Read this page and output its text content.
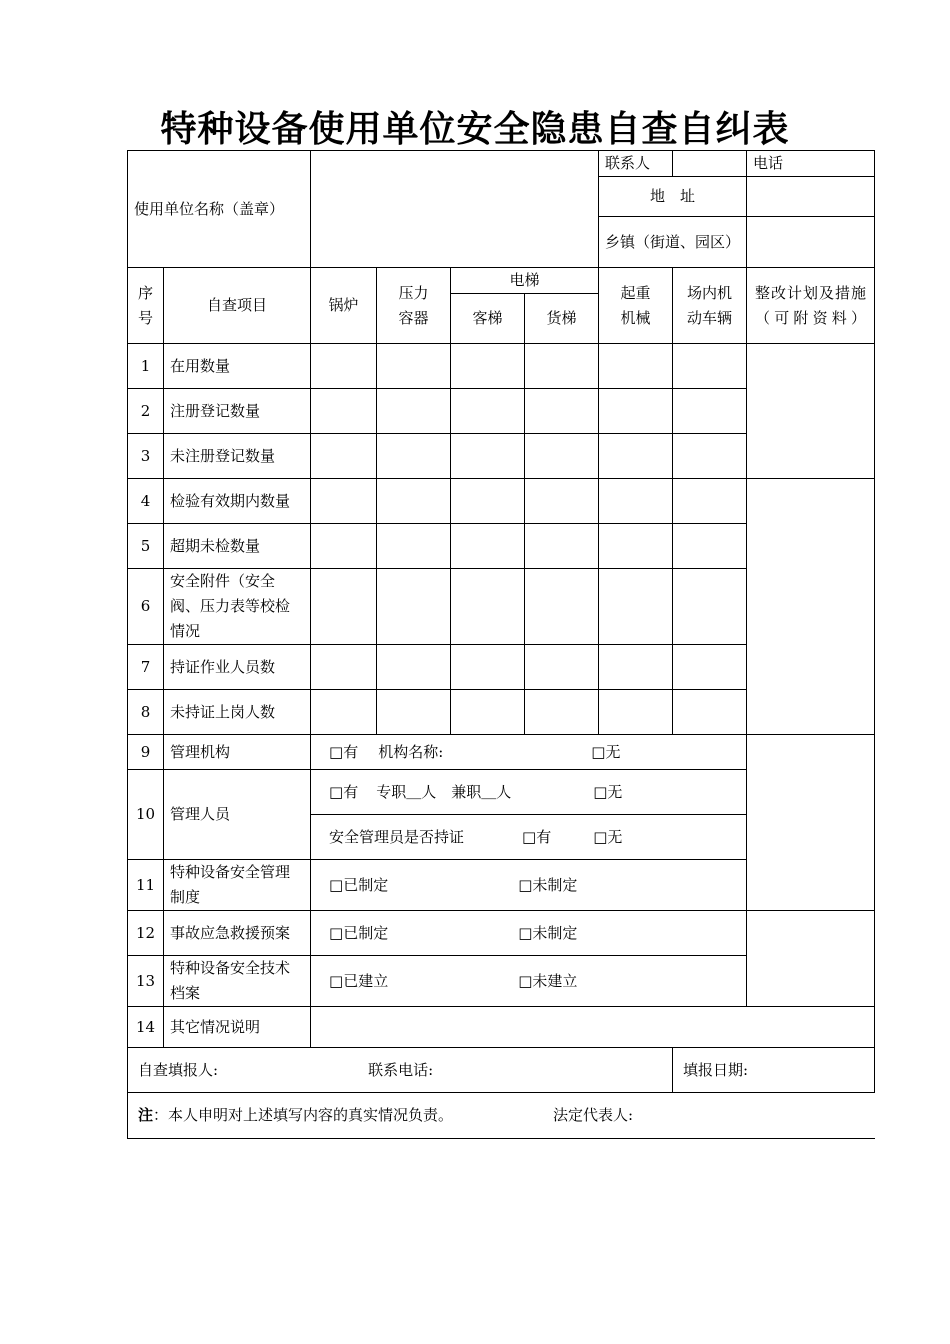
特种设备使用单位安全隐患自查自纠表
使用单位名称（盖章）						联系人		电话	
						地　址			
						乡镇（街道、园区）			
序号	自查项目	锅炉	压力容器	电梯		起重机械	场内机动车辆	整改计划及措施（可附资料）	

				客梯	货梯				
1	在用数量								
2	注册登记数量								
3	未注册登记数量								
4	检验有效期内数量								
5	超期未检数量								
6	安全附件（安全阀、压力表等校检情况								
7	持证作业人员数								
8	未持证上岗人数								
9	管理机构	□有 机构名称: □无							
10	管理人员	□有 专职＿人　兼职＿人 □无							
		安全管理员是否持证 □有 □无							
11	特种设备安全管理制度	□已制定 □未制定							
12	事故应急救援预案	□已制定 □未制定							
13	特种设备安全技术档案	□已建立 □未建立							
14	其它情况说明								
自查填报人: 联系电话:							填报日期:		
注：本人申明对上述填写内容的真实情况负责。 法定代表人:									
